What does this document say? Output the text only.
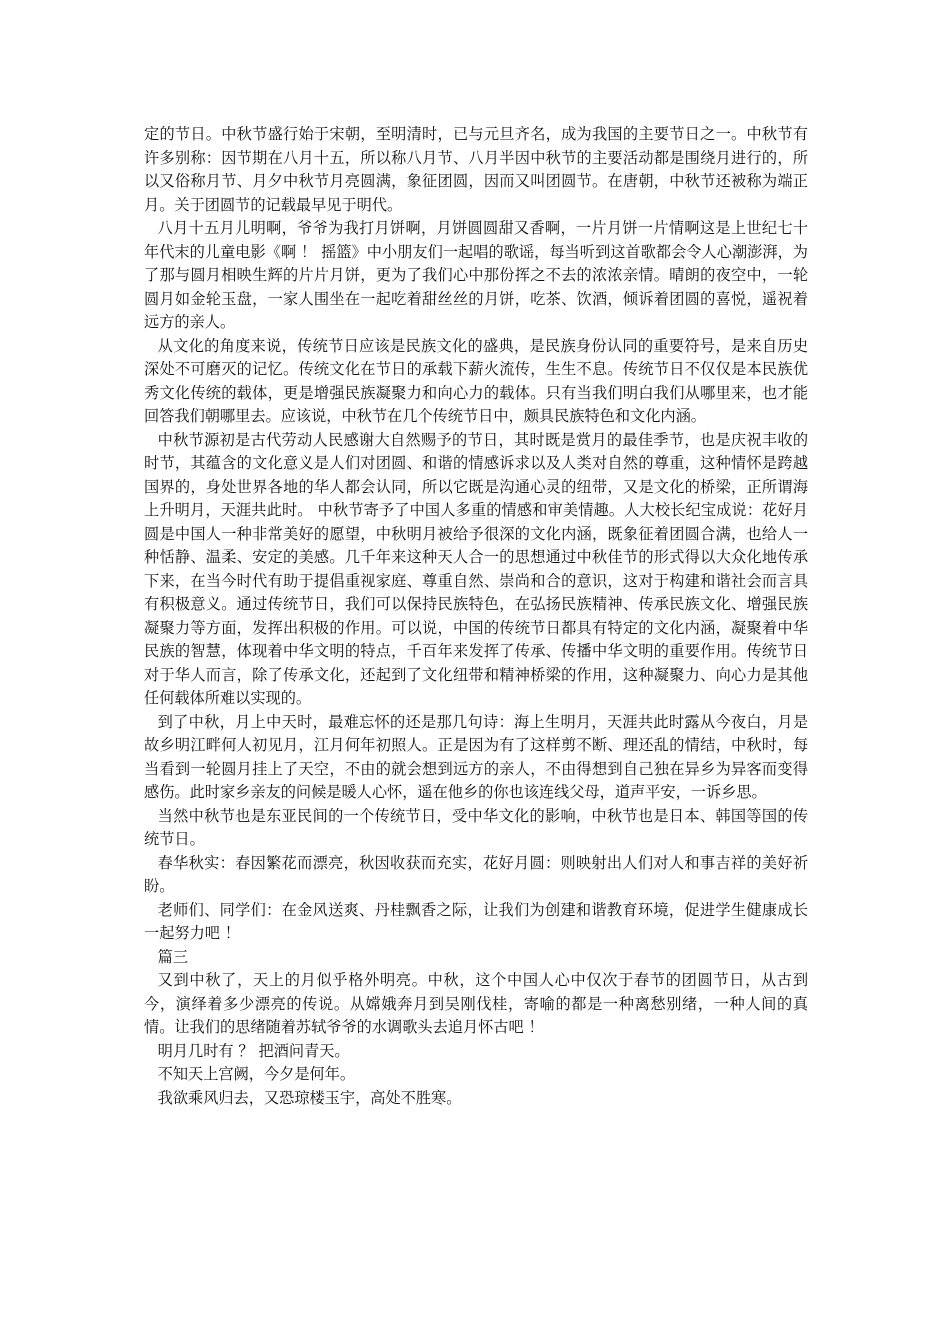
定的节日。中秋节盛行始于宋朝，至明清时，已与元旦齐名，成为我国的主要节日之一。中秋节有许多别称：因节期在八月十五，所以称八月节、八月半因中秋节的主要活动都是围绕月进行的，所以又俗称月节、月夕中秋节月亮圆满，象征团圆，因而又叫团圆节。在唐朝，中秋节还被称为端正月。关于团圆节的记载最早见于明代。

八月十五月儿明啊，爷爷为我打月饼啊，月饼圆圆甜又香啊，一片月饼一片情啊这是上世纪七十年代末的儿童电影《啊 ！ 摇篮》中小朋友们一起唱的歌谣，每当听到这首歌都会令人心潮澎湃，为了那与圆月相映生辉的片片月饼，更为了我们心中那份挥之不去的浓浓亲情。晴朗的夜空中，一轮圆月如金轮玉盘，一家人围坐在一起吃着甜丝丝的月饼，吃茶、饮酒，倾诉着团圆的喜悦，遥祝着远方的亲人。

从文化的角度来说，传统节日应该是民族文化的盛典，是民族身份认同的重要符号，是来自历史深处不可磨灭的记忆。传统文化在节日的承载下薪火流传，生生不息。传统节日不仅仅是本民族优秀文化传统的载体，更是增强民族凝聚力和向心力的载体。只有当我们明白我们从哪里来，也才能回答我们朝哪里去。应该说，中秋节在几个传统节日中，颇具民族特色和文化内涵。

中秋节源初是古代劳动人民感谢大自然赐予的节日，其时既是赏月的最佳季节，也是庆祝丰收的时节，其蕴含的文化意义是人们对团圆、和谐的情感诉求以及人类对自然的尊重，这种情怀是跨越国界的，身处世界各地的华人都会认同，所以它既是沟通心灵的纽带，又是文化的桥梁，正所谓海上升明月，天涯共此时。 中秋节寄予了中国人多重的情感和审美情趣。人大校长纪宝成说：花好月圆是中国人一种非常美好的愿望，中秋明月被给予很深的文化内涵，既象征着团圆合满，也给人一种恬静、温柔、安定的美感。几千年来这种天人合一的思想通过中秋佳节的形式得以大众化地传承下来，在当今时代有助于提倡重视家庭、尊重自然、崇尚和合的意识，这对于构建和谐社会而言具有积极意义。通过传统节日，我们可以保持民族特色，在弘扬民族精神、传承民族文化、增强民族凝聚力等方面，发挥出积极的作用。可以说，中国的传统节日都具有特定的文化内涵，凝聚着中华民族的智慧，体现着中华文明的特点，千百年来发挥了传承、传播中华文明的重要作用。传统节日对于华人而言，除了传承文化，还起到了文化纽带和精神桥梁的作用，这种凝聚力、向心力是其他任何载体所难以实现的。

到了中秋，月上中天时，最难忘怀的还是那几句诗：海上生明月，天涯共此时露从今夜白，月是故乡明江畔何人初见月，江月何年初照人。正是因为有了这样剪不断、理还乱的情结，中秋时，每当看到一轮圆月挂上了天空，不由的就会想到远方的亲人，不由得想到自己独在异乡为异客而变得感伤。此时家乡亲友的问候是暖人心怀，遥在他乡的你也该连线父母，道声平安，一诉乡思。

当然中秋节也是东亚民间的一个传统节日，受中华文化的影响，中秋节也是日本、韩国等国的传统节日。

春华秋实：春因繁花而漂亮，秋因收获而充实，花好月圆：则映射出人们对人和事吉祥的美好祈盼。

老师们、同学们：在金风送爽、丹桂飘香之际，让我们为创建和谐教育环境，促进学生健康成长一起努力吧 ！

篇三

又到中秋了，天上的月似乎格外明亮。中秋，这个中国人心中仅次于春节的团圆节日，从古到今，演绎着多少漂亮的传说。从嫦娥奔月到吴刚伐桂，寄喻的都是一种离愁别绪，一种人间的真情。让我们的思绪随着苏轼爷爷的水调歌头去追月怀古吧 ！

明月几时有 ？ 把酒问青天。

不知天上宫阙，今夕是何年。

我欲乘风归去，又恐琼楼玉宇，高处不胜寒。
